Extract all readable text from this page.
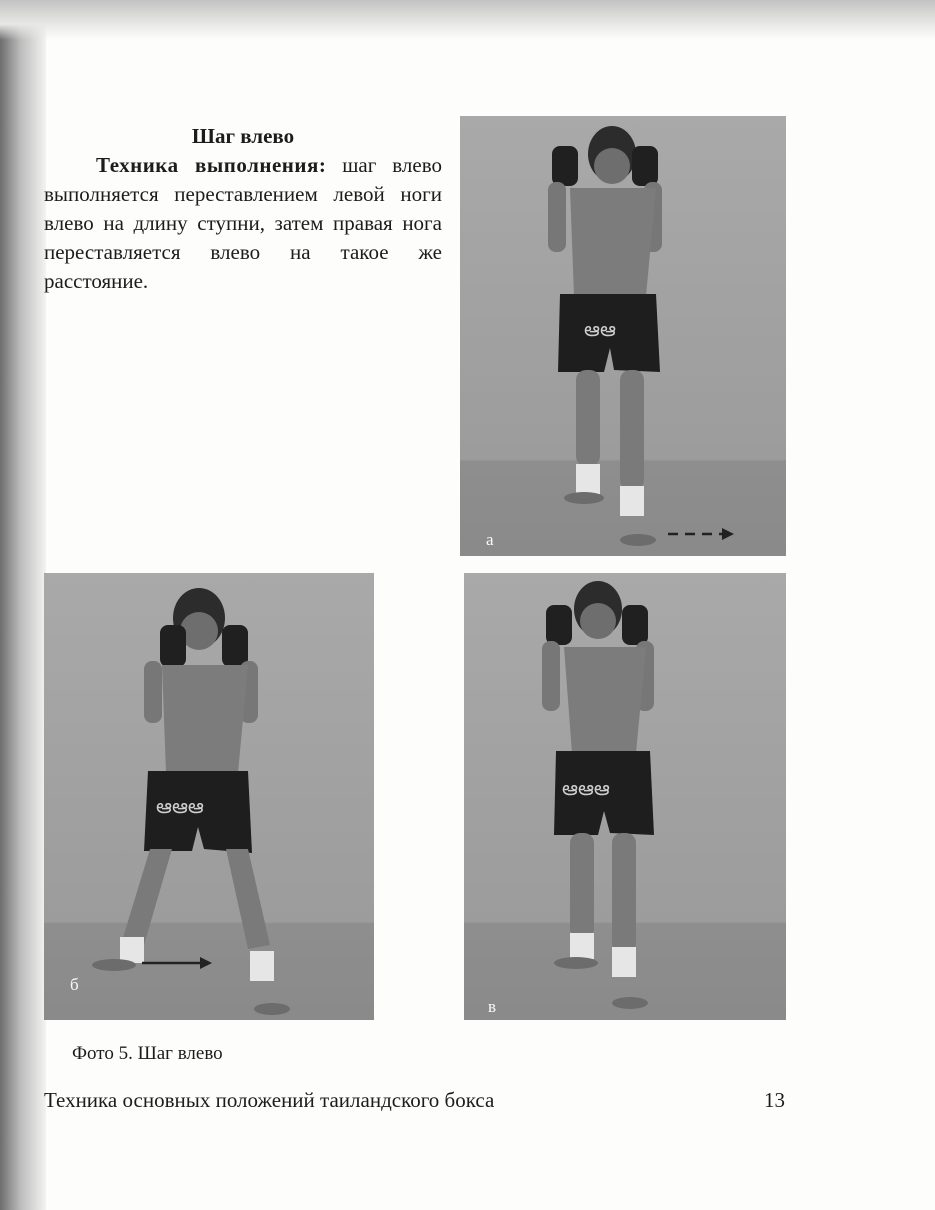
Шаг влево

Техника выполнения: шаг влево выполняется переставлением левой ноги влево на длину ступни, затем правая нога переставляется влево на такое же расстояние.

ఆఆ
а
ఆఆఆ
б
ఆఆఆ
в
Фото 5. Шаг влево
Техника основных положений таиландского бокса	13
